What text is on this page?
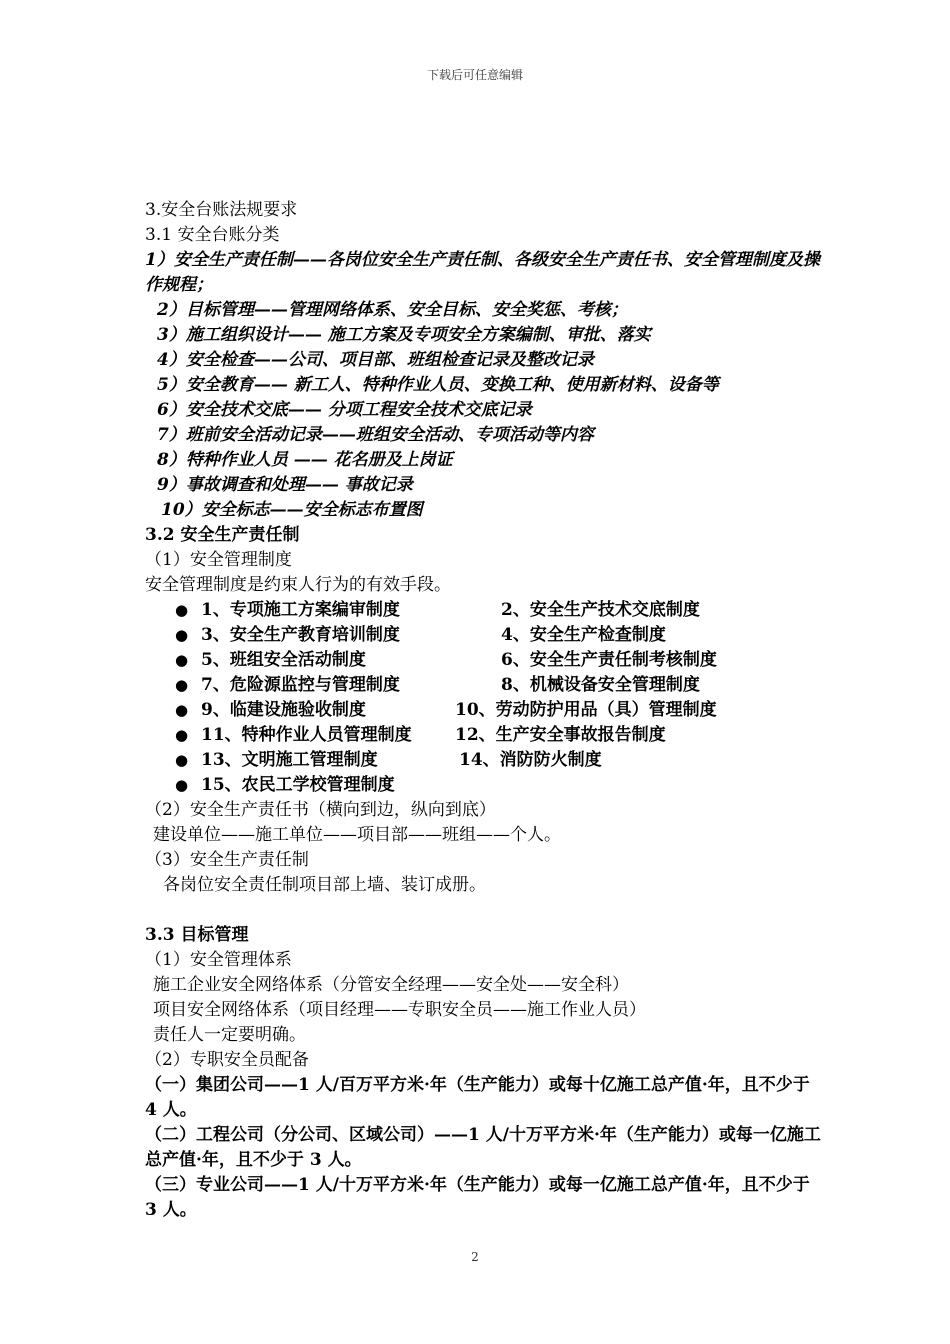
下载后可任意编辑
3.安全台账法规要求
3.1 安全台账分类
1）安全生产责任制——各岗位安全生产责任制、各级安全生产责任书、安全管理制度及操作规程；
2）目标管理——管理网络体系、安全目标、安全奖惩、考核；
3）施工组织设计—— 施工方案及专项安全方案编制、审批、落实
4）安全检查——公司、项目部、班组检查记录及整改记录
5）安全教育—— 新工人、特种作业人员、变换工种、使用新材料、设备等
6）安全技术交底—— 分项工程安全技术交底记录
7）班前安全活动记录——班组安全活动、专项活动等内容
8）特种作业人员 —— 花名册及上岗证
9）事故调查和处理—— 事故记录
10）安全标志——安全标志布置图
3.2 安全生产责任制
（1）安全管理制度
安全管理制度是约束人行为的有效手段。
● 1、专项施工方案编审制度	2、安全生产技术交底制度
● 3、安全生产教育培训制度	4、安全生产检查制度
● 5、班组安全活动制度	6、安全生产责任制考核制度
● 7、危险源监控与管理制度	8、机械设备安全管理制度
● 9、临建设施验收制度	10、劳动防护用品（具）管理制度
● 11、特种作业人员管理制度	12、生产安全事故报告制度
● 13、文明施工管理制度	14、消防防火制度
● 15、农民工学校管理制度
（2）安全生产责任书（横向到边，纵向到底）
建设单位——施工单位——项目部——班组——个人。
（3）安全生产责任制
各岗位安全责任制项目部上墙、装订成册。
3.3 目标管理
（1）安全管理体系
施工企业安全网络体系（分管安全经理——安全处——安全科）
项目安全网络体系（项目经理——专职安全员——施工作业人员）
责任人一定要明确。
（2）专职安全员配备
（一）集团公司——1 人/百万平方米·年（生产能力）或每十亿施工总产值·年，且不少于 4 人。
（二）工程公司（分公司、区域公司）——1 人/十万平方米·年（生产能力）或每一亿施工总产值·年，且不少于 3 人。
（三）专业公司——1 人/十万平方米·年（生产能力）或每一亿施工总产值·年，且不少于 3 人。
2
